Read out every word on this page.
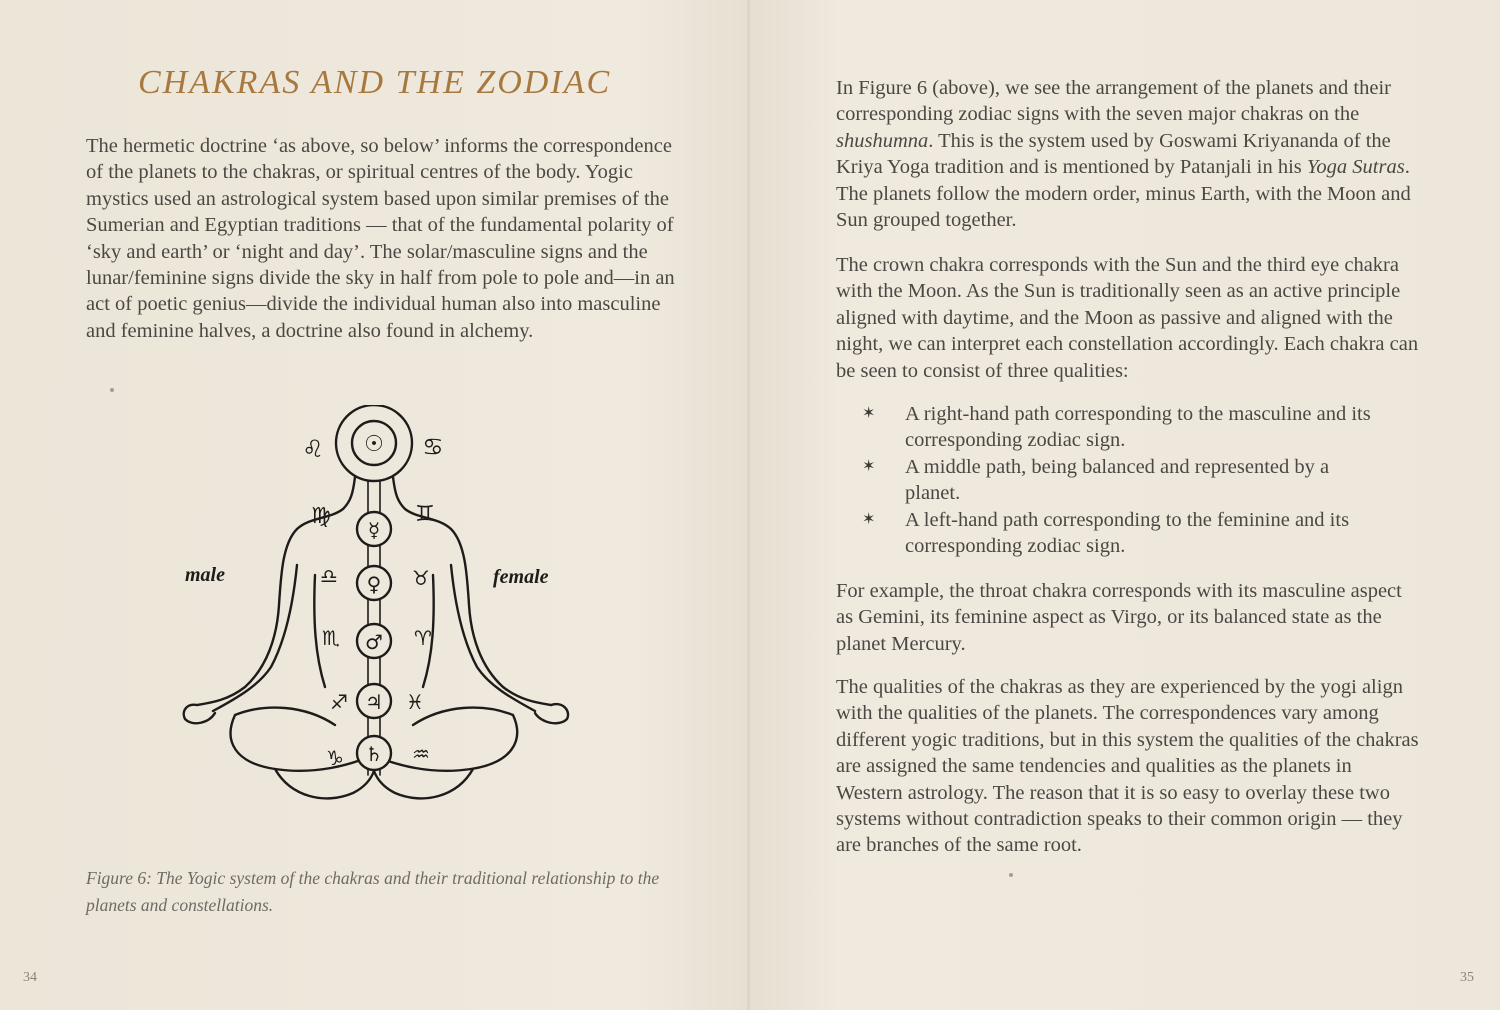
CHAKRAS AND THE ZODIAC

The hermetic doctrine ‘as above, so below’ informs the correspondence of the planets to the chakras, or spiritual centres of the body. Yogic mystics used an astrological system based upon similar premises of the Sumerian and Egyptian traditions — that of the fundamental polarity of ‘sky and earth’ or ‘night and day’. The solar/masculine signs and the lunar/feminine signs divide the sky in half from pole to pole and—in an act of poetic genius—divide the individual human also into masculine and feminine halves, a doctrine also found in alchemy.

☉
☿
♀
♂
♃
♄
♌	♋
♍	♊
♎	♉
♏	♈
♐	♓
♑	♒
male	female

Figure 6: The Yogic system of the chakras and their traditional relationship to the planets and constellations.

34

In Figure 6 (above), we see the arrangement of the planets and their corresponding zodiac signs with the seven major chakras on the shushumna. This is the system used by Goswami Kriyananda of the Kriya Yoga tradition and is mentioned by Patanjali in his Yoga Sutras. The planets follow the modern order, minus Earth, with the Moon and Sun grouped together.

The crown chakra corresponds with the Sun and the third eye chakra with the Moon. As the Sun is traditionally seen as an active principle aligned with daytime, and the Moon as passive and aligned with the night, we can interpret each constellation accordingly. Each chakra can be seen to consist of three qualities:

✶ A right-hand path corresponding to the masculine and its corresponding zodiac sign.
✶ A middle path, being balanced and represented by a planet.
✶ A left-hand path corresponding to the feminine and its corresponding zodiac sign.

For example, the throat chakra corresponds with its masculine aspect as Gemini, its feminine aspect as Virgo, or its balanced state as the planet Mercury.

The qualities of the chakras as they are experienced by the yogi align with the qualities of the planets. The correspondences vary among different yogic traditions, but in this system the qualities of the chakras are assigned the same tendencies and qualities as the planets in Western astrology. The reason that it is so easy to overlay these two systems without contradiction speaks to their common origin — they are branches of the same root.

35
